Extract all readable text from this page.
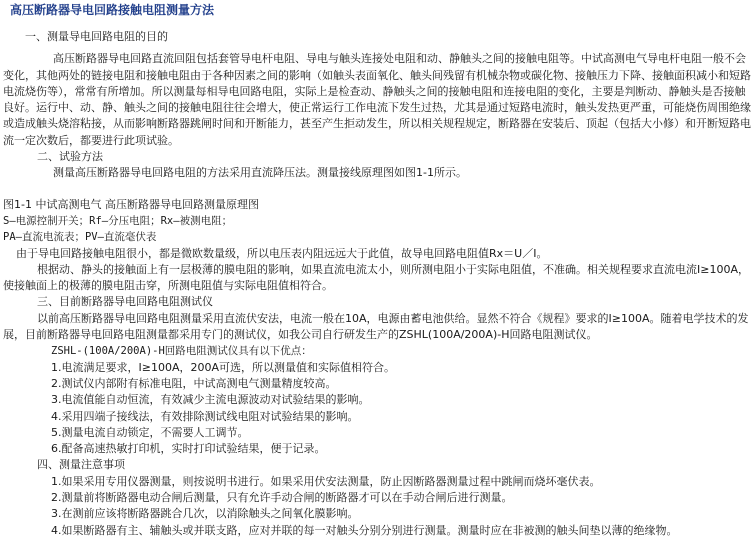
高压断路器导电回路接触电阻测量方法

一、测量导电回路电阻的目的

高压断路器导电回路直流回阻包括套管导电杆电阻、导电与触头连接处电阻和动、静触头之间的接触电阻等。中试高测电气导电杆电阻一般不会变化，其他两处的链接电阻和接触电阻由于各种因素之间的影响（如触头表面氧化、触头间残留有机械杂物或碳化物、接触压力下降、接触面积减小和短路电流烧伤等），常常有所增加。所以测量每相导电回路电阻，实际上是检查动、静触头之间的接触电阻和连接电阻的变化，主要是判断动、静触头是否接触良好。运行中、动、静、触头之间的接触电阻往往会增大，使正常运行工作电流下发生过热，尤其是通过短路电流时，触头发热更严重，可能烧伤周围绝缘或造成触头烧溶粘接，从而影响断路器跳闸时间和开断能力，甚至产生拒动发生，所以相关规程规定，断路器在安装后、顶起（包括大小修）和开断短路电流一定次数后，都要进行此项试验。

二、试验方法

测量高压断路器导电回路电阻的方法采用直流降压法。测量接线原理图如图1-1所示。

图1-1 中试高测电气 高压断路器导电回路测量原理图

S—电源控制开关；Rf—分压电阻；Rx—被测电阻；

PA—直流电流表；PV—直流毫伏表

由于导电回路接触电阻很小，都是微欧数量级，所以电压表内阻远远大于此值，故导电回路电阻值Rx＝U／I。

根据动、静头的接触面上有一层极薄的膜电阻的影响，如果直流电流太小，则所测电阻小于实际电阻值，不准确。相关规程要求直流电流I≥100A，使接触面上的极薄的膜电阻击穿，所测电阻值与实际电阻值相符合。

三、目前断路器导电回路电阻测试仪

以前高压断路器导电回路电阻测量采用直流伏安法，电流一般在10A，电源由蓄电池供给。显然不符合《规程》要求的I≥100A。随着电学技术的发展，目前断路器导电回路电阻测量都采用专门的测试仪，如我公司自行研发生产的ZSHL(100A/200A)-H回路电阻测试仪。

ZSHL-(100A/200A)-H回路电阻测试仪具有以下优点：

1.电流满足要求，I≥100A，200A可选，所以测量值和实际值相符合。

2.测试仪内部附有标准电阻，中试高测电气测量精度较高。

3.电流值能自动恒流，有效减少主流电源波动对试验结果的影响。

4.采用四端子接线法，有效排除测试线电阻对试验结果的影响。

5.测量电流自动锁定，不需要人工调节。

6.配备高速热敏打印机，实时打印试验结果，便于记录。

四、测量注意事项

1.如果采用专用仪器测量，则按说明书进行。如果采用伏安法测量，防止因断路器测量过程中跳闸而烧坏毫伏表。

2.测量前将断路器电动合闸后测量，只有允许手动合闸的断路器才可以在手动合闸后进行测量。

3.在测前应该将断路器跳合几次，以消除触头之间氧化膜影响。

4.如果断路器有主、辅触头或并联支路，应对并联的每一对触头分别分别进行测量。测量时应在非被测的触头间垫以薄的绝缘物。
